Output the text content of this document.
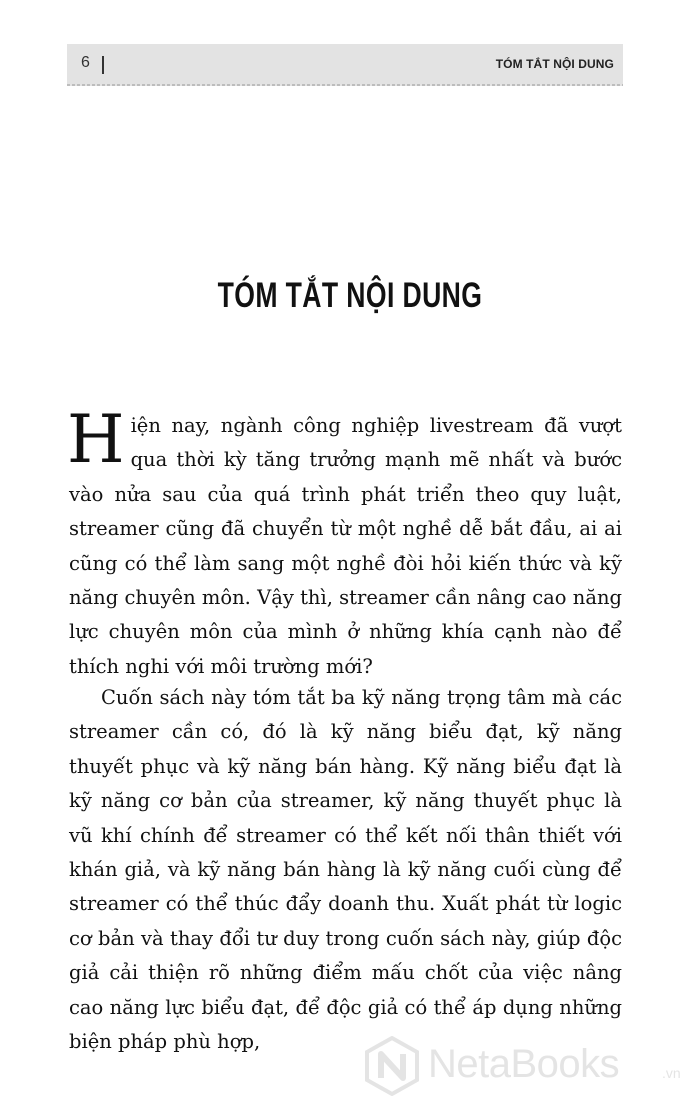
6	TÓM TẮT NỘI DUNG
TÓM TẮT NỘI DUNG

Hiện nay, ngành công nghiệp livestream đã vượt qua thời kỳ tăng trưởng mạnh mẽ nhất và bước vào nửa sau của quá trình phát triển theo quy luật, streamer cũng đã chuyển từ một nghề dễ bắt đầu, ai ai cũng có thể làm sang một nghề đòi hỏi kiến thức và kỹ năng chuyên môn. Vậy thì, streamer cần nâng cao năng lực chuyên môn của mình ở những khía cạnh nào để thích nghi với môi trường mới?

Cuốn sách này tóm tắt ba kỹ năng trọng tâm mà các streamer cần có, đó là kỹ năng biểu đạt, kỹ năng thuyết phục và kỹ năng bán hàng. Kỹ năng biểu đạt là kỹ năng cơ bản của streamer, kỹ năng thuyết phục là vũ khí chính để streamer có thể kết nối thân thiết với khán giả, và kỹ năng bán hàng là kỹ năng cuối cùng để streamer có thể thúc đẩy doanh thu. Xuất phát từ logic cơ bản và thay đổi tư duy trong cuốn sách này, giúp độc giả cải thiện rõ những điểm mấu chốt của việc nâng cao năng lực biểu đạt, để độc giả có thể áp dụng những biện pháp phù hợp,

NetaBooks	.vn
